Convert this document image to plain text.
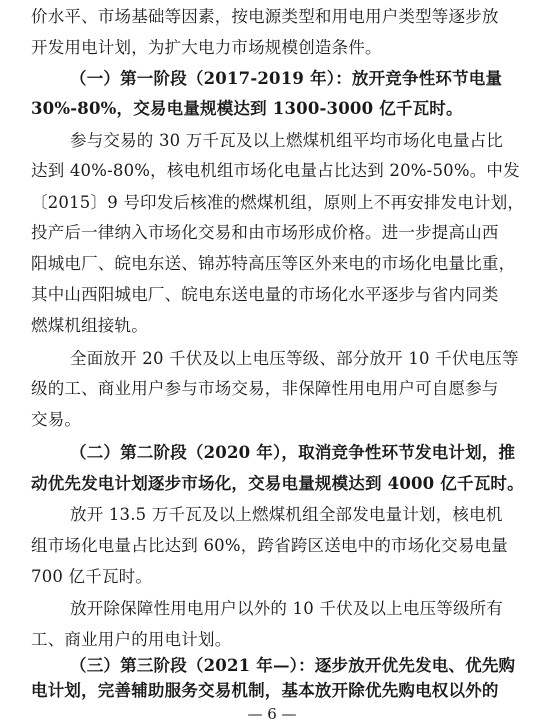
价水平、市场基础等因素，按电源类型和用电用户类型等逐步放
开发用电计划，为扩大电力市场规模创造条件。
（一）第一阶段（2017-2019 年）：放开竞争性环节电量
30%-80%，交易电量规模达到 1300-3000 亿千瓦时。
参与交易的 30 万千瓦及以上燃煤机组平均市场化电量占比
达到 40%-80%，核电机组市场化电量占比达到 20%-50%。中发
〔2015〕9 号印发后核准的燃煤机组，原则上不再安排发电计划，
投产后一律纳入市场化交易和由市场形成价格。进一步提高山西
阳城电厂、皖电东送、锦苏特高压等区外来电的市场化电量比重，
其中山西阳城电厂、皖电东送电量的市场化水平逐步与省内同类
燃煤机组接轨。
全面放开 20 千伏及以上电压等级、部分放开 10 千伏电压等
级的工、商业用户参与市场交易，非保障性用电用户可自愿参与
交易。
（二）第二阶段（2020 年），取消竞争性环节发电计划，推
动优先发电计划逐步市场化，交易电量规模达到 4000 亿千瓦时。
放开 13.5 万千瓦及以上燃煤机组全部发电量计划，核电机
组市场化电量占比达到 60%，跨省跨区送电中的市场化交易电量
700 亿千瓦时。
放开除保障性用电用户以外的 10 千伏及以上电压等级所有
工、商业用户的用电计划。
（三）第三阶段（2021 年—）：逐步放开优先发电、优先购
电计划，完善辅助服务交易机制，基本放开除优先购电权以外的
— 6 —
